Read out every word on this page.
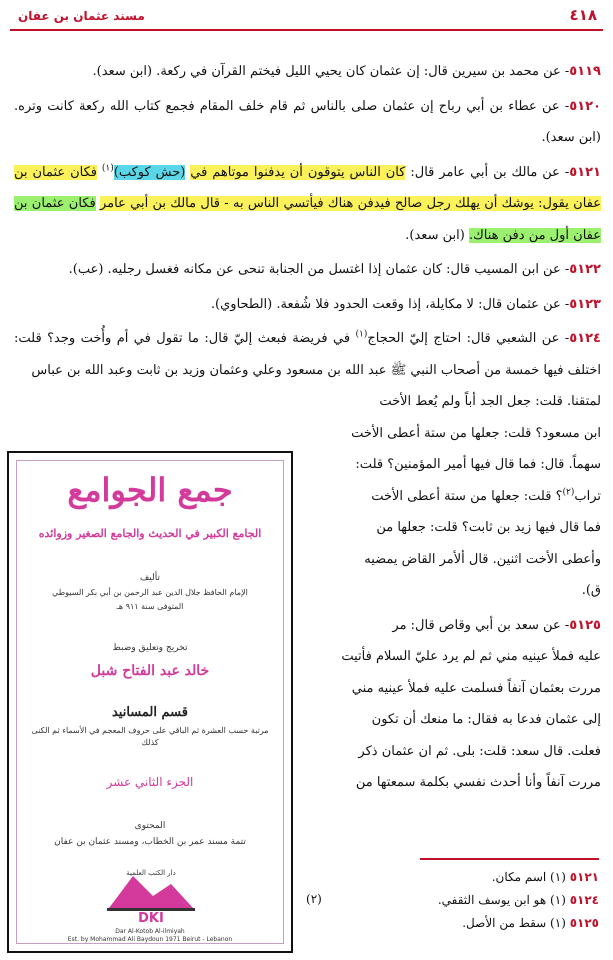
٤١٨
مسند عثمان بن عفان

٥١١٩- عن محمد بن سيرين قال: إن عثمان كان يحيي الليل فيختم القرآن في ركعة. (ابن سعد).

٥١٢٠- عن عطاء بن أبي رباح إن عثمان صلى بالناس ثم قام خلف المقام فجمع كتاب الله ركعة كانت وتره. (ابن سعد).

٥١٢١- عن مالك بن أبي عامر قال: كان الناس يتوقون أن يدفنوا موتاهم في (حش كوكب)$^{(١)}$ فكان عثمان بن عفان يقول: يوشك أن يهلك رجل صالح فيدفن هناك فيأتسي الناس به - قال مالك بن أبي عامر فكان عثمان بن عفان أول من دفن هناك. (ابن سعد).

٥١٢٢- عن ابن المسيب قال: كان عثمان إذا اغتسل من الجنابة تنحى عن مكانه فغسل رجليه. (عب).

٥١٢٣- عن عثمان قال: لا مكايلة، إذا وقعت الحدود فلا شُفعة. (الطحاوي).

٥١٢٤- عن الشعبي قال: احتاج إليّ الحجاج$^{(١)}$ في فريضة فبعث إليّ قال: ما تقول في أم وأُخت وجد؟ قلت: اختلف فيها خمسة من أصحاب النبي ﷺ عبد الله بن مسعود وعلي وعثمان وزيد بن ثابت وعبد الله بن عباس
لمتقنا. قلت: جعل الجد أباً ولم يُعط الأخت
ابن مسعود؟ قلت: جعلها من ستة أعطى الأخت
سهماً. قال: فما قال فيها أمير المؤمنين؟ قلت:
تراب$^{(٢)}$؟ قلت: جعلها من ستة أعطى الأخت
فما قال فيها زيد بن ثابت؟ قلت: جعلها من
وأعطى الأخت اثنين. قال ألأمر القاض يمضيه
ق).

٥١٢٥- عن سعد بن أبي وقاص قال: مر
عليه فملأ عينيه مني ثم لم يرد عليّ السلام فأتيت
مررت بعثمان آنفاً فسلمت عليه فملأ عينيه مني
إلى عثمان فدعا به فقال: ما منعك أن تكون
فعلت. قال سعد: قلت: بلى. ثم ان عثمان ذكر
مررت آنفاً وأنا أحدث نفسي بكلمة سمعتها من

٥١٢١ (١) اسم مكان.
٥١٢٤ (١) هو ابن يوسف الثقفي.
٥١٢٥ (١) سقط من الأصل.
(٢)
جمع الجوامع
الجامع الكبير في الحديث والجامع الصغير وزوائده
تأليف
الإمام الحافظ جلال الدين عبد الرحمن بن أبي بكر السيوطي
المتوفى سنة ٩١١ هـ
تخريج وتعليق وضبط
خالد عبد الفتاح شبل
قسم المسانيد
مرتبة حسب العشرة ثم الباقي على حروف المعجم في الأسماء ثم الكنى كذلك
الجزء الثاني عشر
المحتوى
تتمة مسند عمر بن الخطاب، ومسند عثمان بن عفان
دار الكتب العلمية
DKI
Dar Al-Kotob Al-ilmiyah
Est. by Mohammad Ali Baydoun 1971 Beirut - Lebanon
